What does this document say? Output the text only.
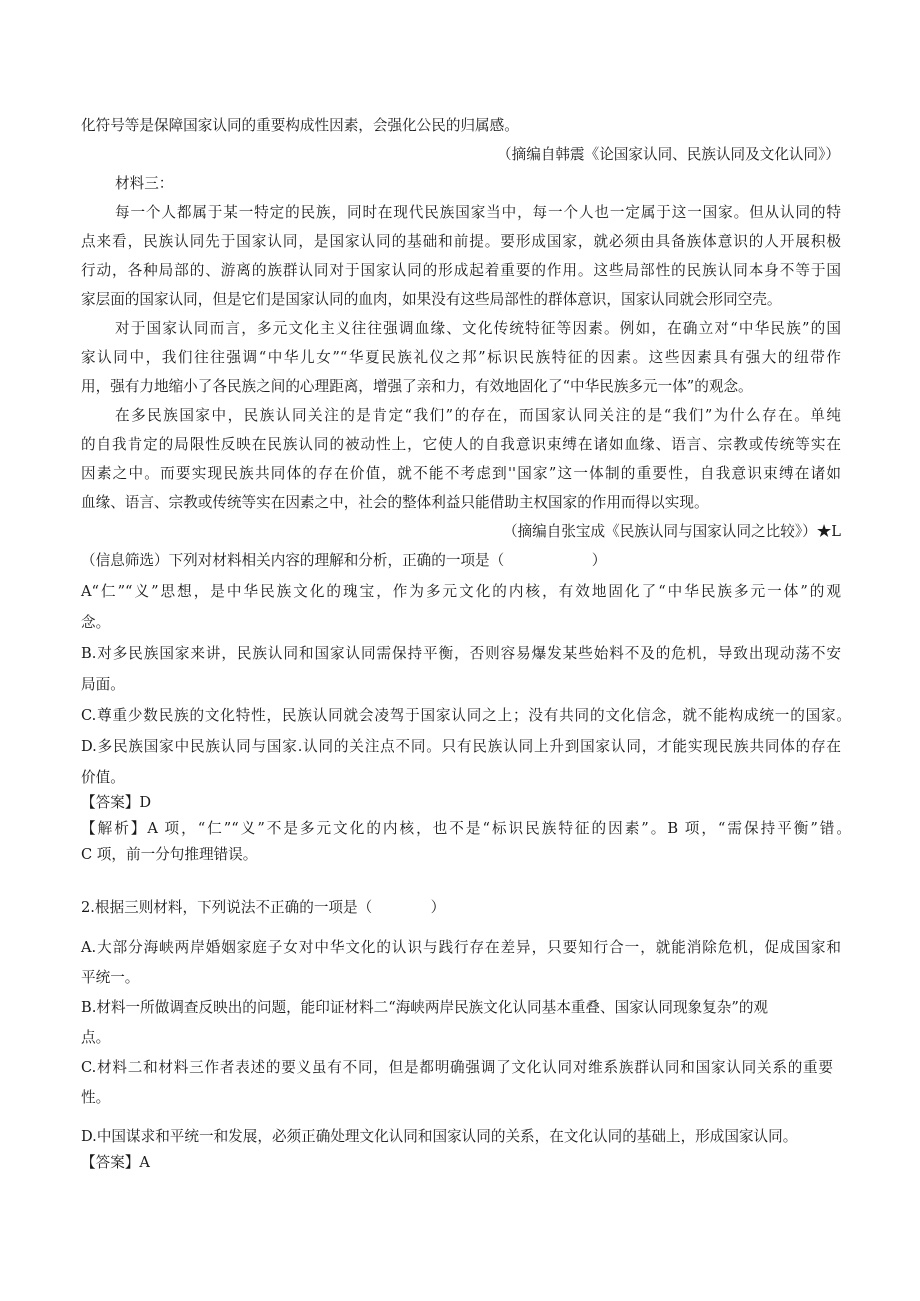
化符号等是保障国家认同的重要构成性因素，会强化公民的归属感。

（摘编自韩震《论国家认同、民族认同及文化认同》）

材料三：

每一个人都属于某一特定的民族，同时在现代民族国家当中，每一个人也一定属于这一国家。但从认同的特

点来看，民族认同先于国家认同，是国家认同的基础和前提。要形成国家，就必须由具备族体意识的人开展积极

行动，各种局部的、游离的族群认同对于国家认同的形成起着重要的作用。这些局部性的民族认同本身不等于国

家层面的国家认同，但是它们是国家认同的血肉，如果没有这些局部性的群体意识，国家认同就会形同空壳。

对于国家认同而言，多元文化主义往往强调血缘、文化传统特征等因素。例如，在确立对“中华民族”的国

家认同中，我们往往强调“中华儿女”“华夏民族礼仪之邦”标识民族特征的因素。这些因素具有强大的纽带作

用，强有力地缩小了各民族之间的心理距离，增强了亲和力，有效地固化了“中华民族多元一体”的观念。

在多民族国家中，民族认同关注的是肯定“我们”的存在，而国家认同关注的是“我们”为什么存在。单纯

的自我肯定的局限性反映在民族认同的被动性上，它使人的自我意识束缚在诸如血缘、语言、宗教或传统等实在

因素之中。而要实现民族共同体的存在价值，就不能不考虑到''国家”这一体制的重要性，自我意识束缚在诸如

血缘、语言、宗教或传统等实在因素之中，社会的整体利益只能借助主权国家的作用而得以实现。

（摘编自张宝成《民族认同与国家认同之比较》）★L

（信息筛选）下列对材料相关内容的理解和分析，正确的一项是（　　　　　　）

A“仁”“义”思想，是中华民族文化的瑰宝，作为多元文化的内核，有效地固化了“中华民族多元一体”的观

念。

B.对多民族国家来讲，民族认同和国家认同需保持平衡，否则容易爆发某些始料不及的危机，导致出现动荡不安

局面。

C.尊重少数民族的文化特性，民族认同就会凌驾于国家认同之上；没有共同的文化信念，就不能构成统一的国家。

D.多民族国家中民族认同与国家.认同的关注点不同。只有民族认同上升到国家认同，才能实现民族共同体的存在

价值。

【答案】D

【解析】A 项，“仁”“义”不是多元文化的内核，也不是“标识民族特征的因素”。B 项，“需保持平衡”错。

C 项，前一分句推理错误。

2.根据三则材料，下列说法不正确的一项是（　　　　）

A.大部分海峡两岸婚姻家庭子女对中华文化的认识与践行存在差异，只要知行合一，就能消除危机，促成国家和

平统一。

B.材料一所做调查反映出的问题，能印证材料二“海峡两岸民族文化认同基本重叠、国家认同现象复杂”的观

点。

C.材料二和材料三作者表述的要义虽有不同，但是都明确强调了文化认同对维系族群认同和国家认同关系的重要

性。

D.中国谋求和平统一和发展，必须正确处理文化认同和国家认同的关系，在文化认同的基础上，形成国家认同。

【答案】A
